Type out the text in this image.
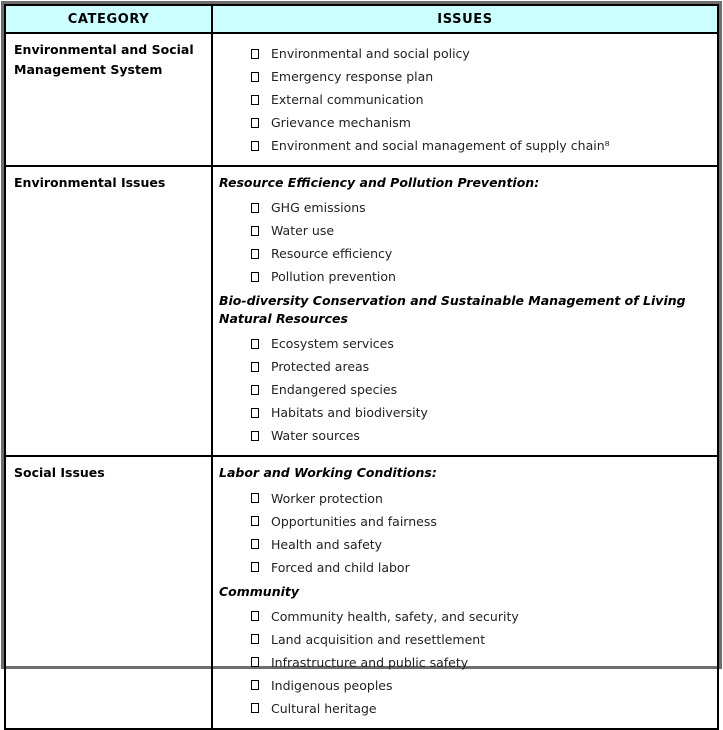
CATEGORY	ISSUES
Environmental and Social Management System	Environmental and social policy
Emergency response plan
External communication
Grievance mechanism
Environment and social management of supply chain⁸

Environmental Issues	Resource Efficiency and Pollution Prevention:
GHG emissions
Water use
Resource efficiency
Pollution prevention
Bio-diversity Conservation and Sustainable Management of Living Natural Resources
Ecosystem services
Protected areas
Endangered species
Habitats and biodiversity
Water sources

Social Issues	Labor and Working Conditions:
Worker protection
Opportunities and fairness
Health and safety
Forced and child labor
Community
Community health, safety, and security
Land acquisition and resettlement
Infrastructure and public safety
Indigenous peoples
Cultural heritage
